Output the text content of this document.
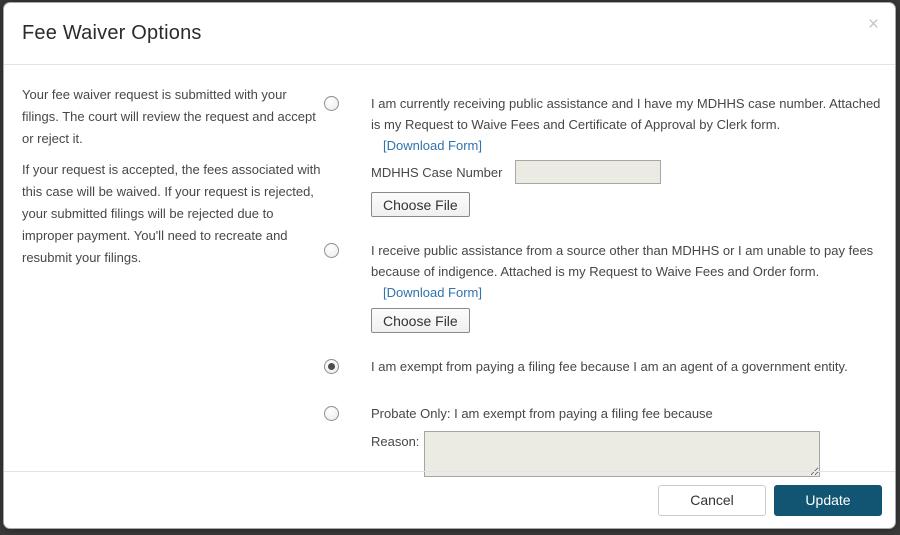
Fee Waiver Options	×

Your fee waiver request is submitted with your filings. The court will review the request and accept or reject it.

If your request is accepted, the fees associated with this case will be waived. If your request is rejected, your submitted filings will be rejected due to  improper payment. You'll need to recreate and resubmit your filings.

I am currently receiving public assistance and I have my MDHHS case number. Attached is my Request to Waive Fees and Certificate of Approval by Clerk form.
[Download Form]
MDHHS Case Number
Choose File
I receive public assistance from a source other than MDHHS or I am unable to pay fees because of indigence. Attached is my Request to Waive Fees and Order form.
[Download Form]
Choose File
I am exempt from paying a filing fee because I am an agent of a government entity.
Probate Only: I am exempt from paying a filing fee because
Reason:
Cancel	Update
